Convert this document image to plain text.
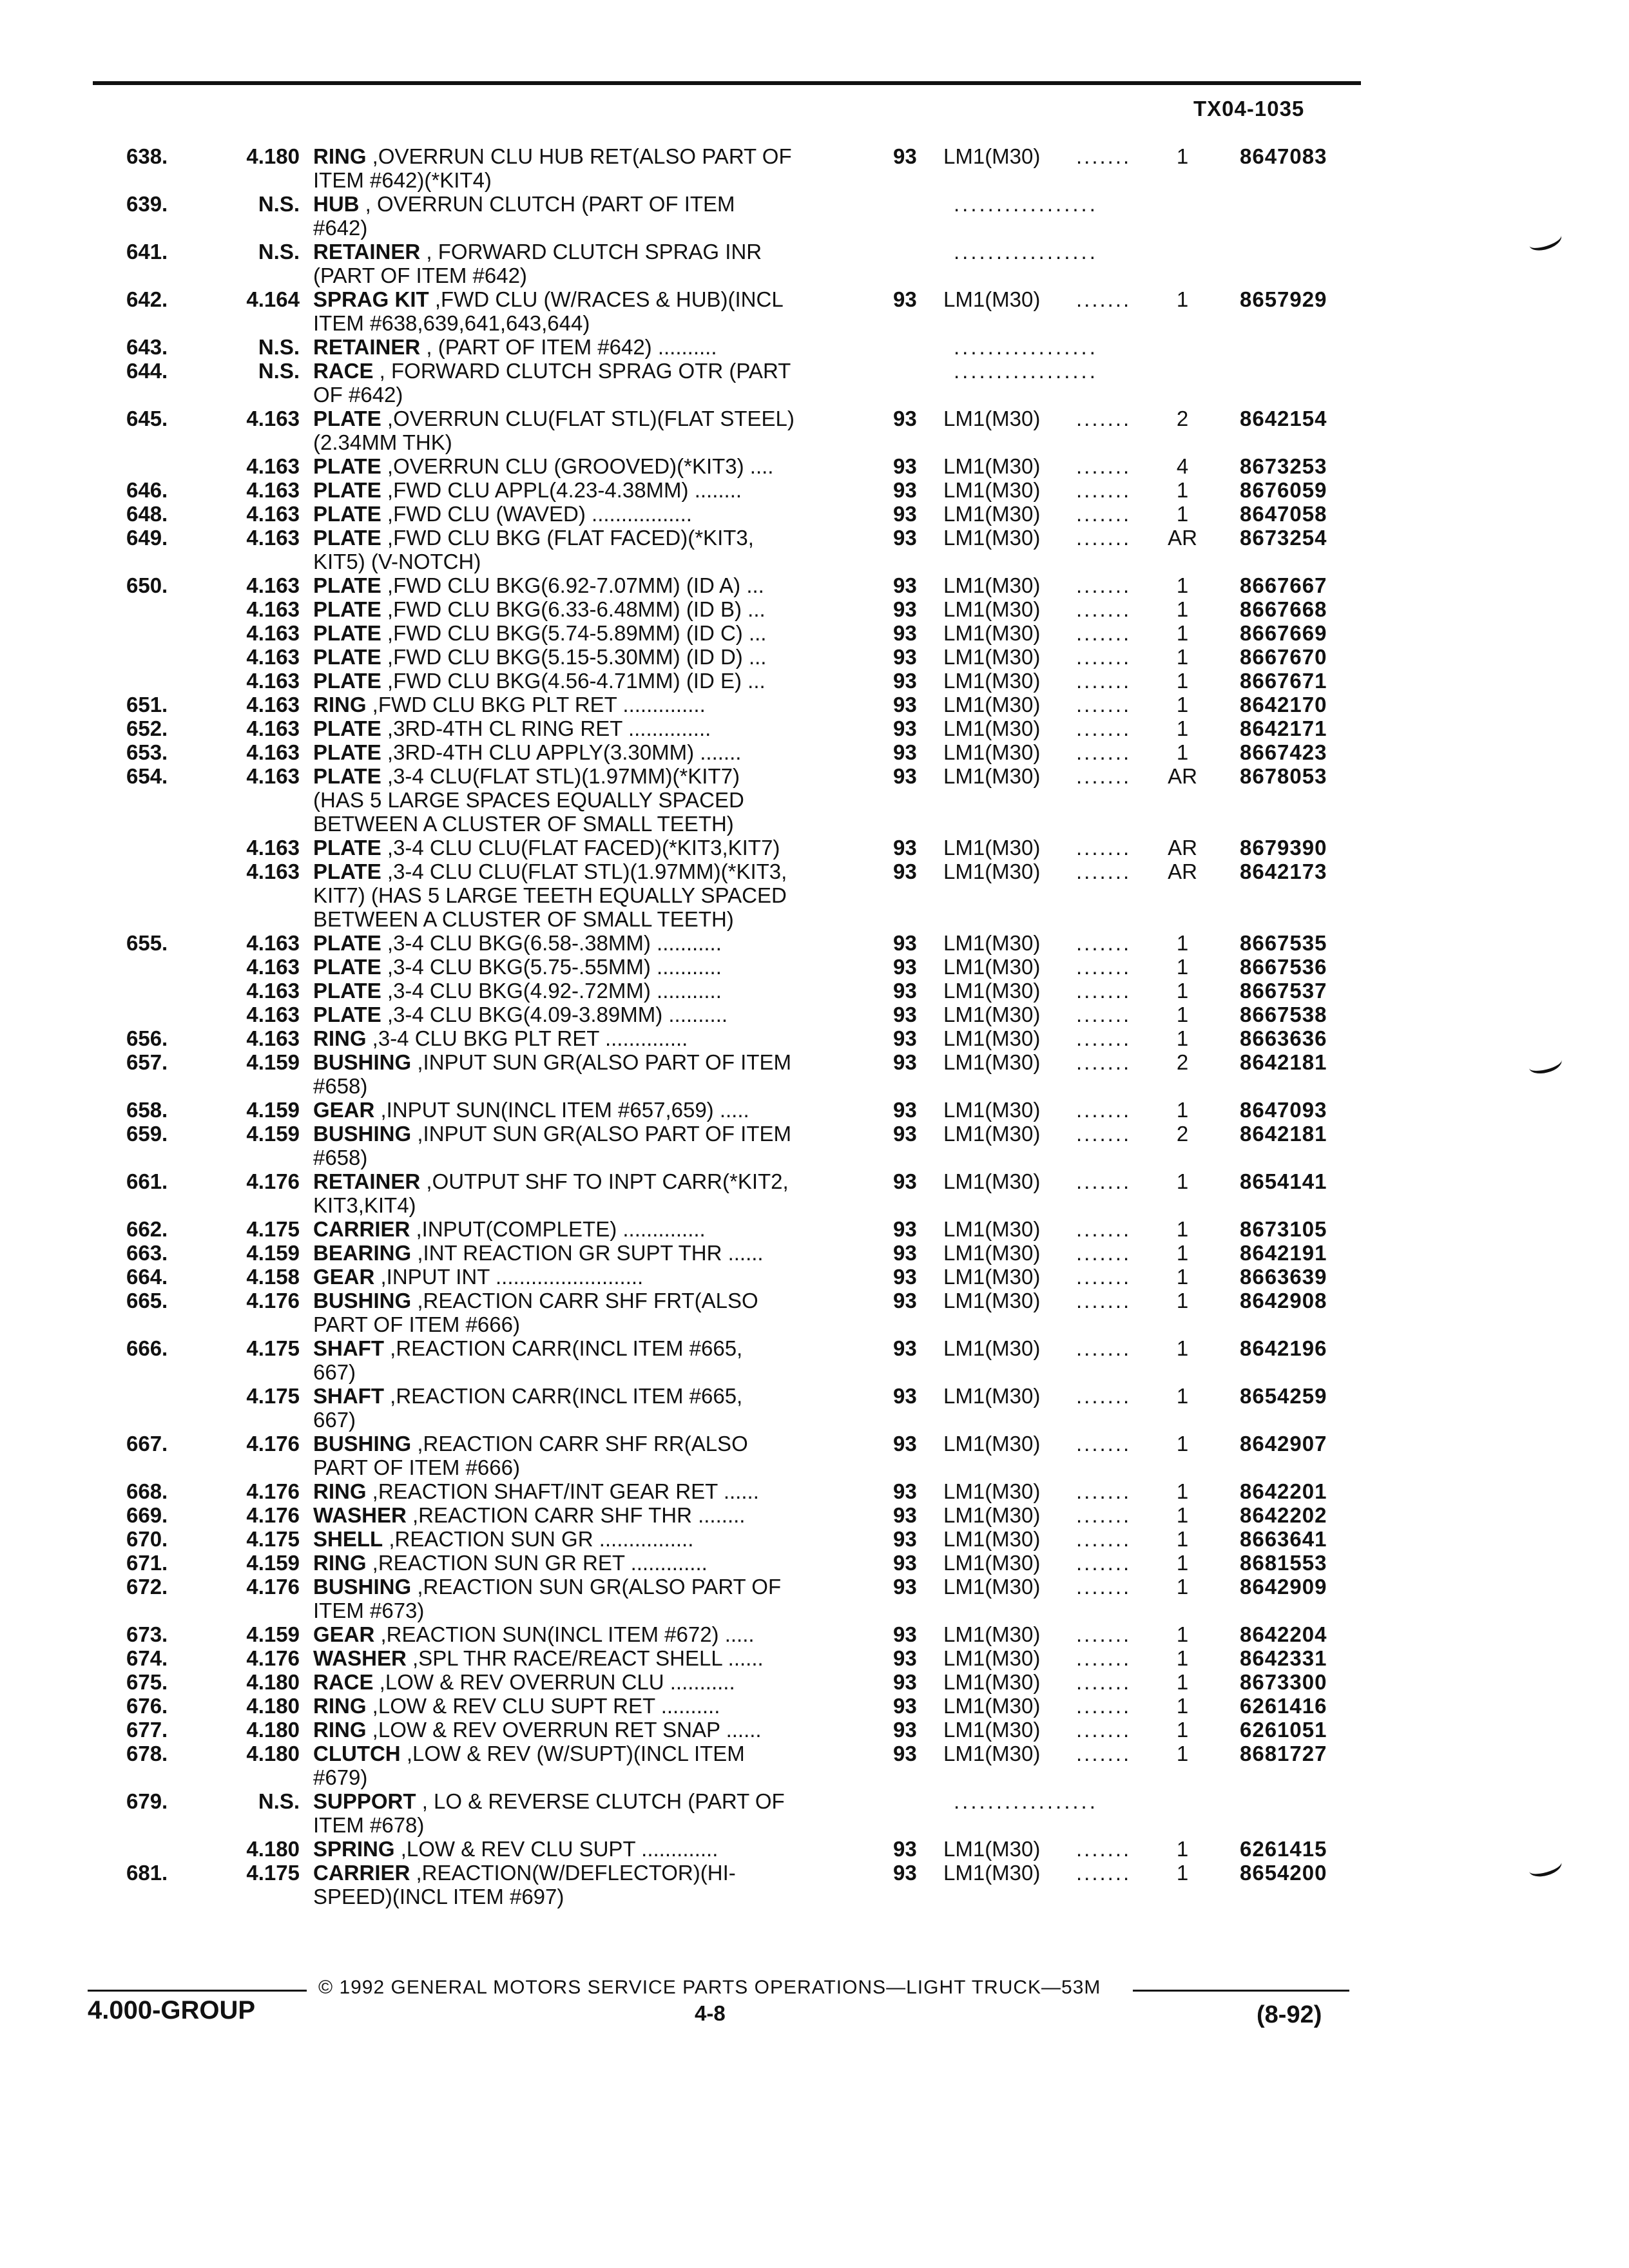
TX04-1035
638.	4.180 RING ,OVERRUN CLU HUB RET(ALSO PART OF	93 LM1(M30) .......	1	8647083
ITEM #642)(*KIT4)
639.	N.S. HUB , OVERRUN CLUTCH (PART OF ITEM	.................
#642)
641.	N.S. RETAINER , FORWARD CLUTCH SPRAG INR	.................
(PART OF ITEM #642)
642.	4.164 SPRAG KIT ,FWD CLU (W/RACES & HUB)(INCL	93 LM1(M30) .......	1	8657929
ITEM #638,639,641,643,644)
643.	N.S. RETAINER , (PART OF ITEM #642) ..........	.................
644.	N.S. RACE , FORWARD CLUTCH SPRAG OTR (PART	.................
OF #642)
645.	4.163 PLATE ,OVERRUN CLU(FLAT STL)(FLAT STEEL)	93 LM1(M30) .......	2	8642154
(2.34MM THK)
4.163 PLATE ,OVERRUN CLU (GROOVED)(*KIT3) ....	93 LM1(M30) .......	4	8673253
646.	4.163 PLATE ,FWD CLU APPL(4.23-4.38MM) ........	93 LM1(M30) .......	1	8676059
648.	4.163 PLATE ,FWD CLU (WAVED) .................	93 LM1(M30) .......	1	8647058
649.	4.163 PLATE ,FWD CLU BKG (FLAT FACED)(*KIT3,	93 LM1(M30) .......	AR	8673254
KIT5) (V-NOTCH)
650.	4.163 PLATE ,FWD CLU BKG(6.92-7.07MM) (ID A) ...	93 LM1(M30) .......	1	8667667
4.163 PLATE ,FWD CLU BKG(6.33-6.48MM) (ID B) ...	93 LM1(M30) .......	1	8667668
4.163 PLATE ,FWD CLU BKG(5.74-5.89MM) (ID C) ...	93 LM1(M30) .......	1	8667669
4.163 PLATE ,FWD CLU BKG(5.15-5.30MM) (ID D) ...	93 LM1(M30) .......	1	8667670
4.163 PLATE ,FWD CLU BKG(4.56-4.71MM) (ID E) ...	93 LM1(M30) .......	1	8667671
651.	4.163 RING ,FWD CLU BKG PLT RET ..............	93 LM1(M30) .......	1	8642170
652.	4.163 PLATE ,3RD-4TH CL RING RET ..............	93 LM1(M30) .......	1	8642171
653.	4.163 PLATE ,3RD-4TH CLU APPLY(3.30MM) .......	93 LM1(M30) .......	1	8667423
654.	4.163 PLATE ,3-4 CLU(FLAT STL)(1.97MM)(*KIT7)	93 LM1(M30) .......	AR	8678053
(HAS 5 LARGE SPACES EQUALLY SPACED
BETWEEN A CLUSTER OF SMALL TEETH)
4.163 PLATE ,3-4 CLU CLU(FLAT FACED)(*KIT3,KIT7)	93 LM1(M30) .......	AR	8679390
4.163 PLATE ,3-4 CLU CLU(FLAT STL)(1.97MM)(*KIT3,	93 LM1(M30) .......	AR	8642173
KIT7) (HAS 5 LARGE TEETH EQUALLY SPACED
BETWEEN A CLUSTER OF SMALL TEETH)
655.	4.163 PLATE ,3-4 CLU BKG(6.58-.38MM) ...........	93 LM1(M30) .......	1	8667535
4.163 PLATE ,3-4 CLU BKG(5.75-.55MM) ...........	93 LM1(M30) .......	1	8667536
4.163 PLATE ,3-4 CLU BKG(4.92-.72MM) ...........	93 LM1(M30) .......	1	8667537
4.163 PLATE ,3-4 CLU BKG(4.09-3.89MM) ..........	93 LM1(M30) .......	1	8667538
656.	4.163 RING ,3-4 CLU BKG PLT RET ..............	93 LM1(M30) .......	1	8663636
657.	4.159 BUSHING ,INPUT SUN GR(ALSO PART OF ITEM	93 LM1(M30) .......	2	8642181
#658)
658.	4.159 GEAR ,INPUT SUN(INCL ITEM #657,659) .....	93 LM1(M30) .......	1	8647093
659.	4.159 BUSHING ,INPUT SUN GR(ALSO PART OF ITEM	93 LM1(M30) .......	2	8642181
#658)
661.	4.176 RETAINER ,OUTPUT SHF TO INPT CARR(*KIT2,	93 LM1(M30) .......	1	8654141
KIT3,KIT4)
662.	4.175 CARRIER ,INPUT(COMPLETE) ..............	93 LM1(M30) .......	1	8673105
663.	4.159 BEARING ,INT REACTION GR SUPT THR ......	93 LM1(M30) .......	1	8642191
664.	4.158 GEAR ,INPUT INT .........................	93 LM1(M30) .......	1	8663639
665.	4.176 BUSHING ,REACTION CARR SHF FRT(ALSO	93 LM1(M30) .......	1	8642908
PART OF ITEM #666)
666.	4.175 SHAFT ,REACTION CARR(INCL ITEM #665,	93 LM1(M30) .......	1	8642196
667)
4.175 SHAFT ,REACTION CARR(INCL ITEM #665,	93 LM1(M30) .......	1	8654259
667)
667.	4.176 BUSHING ,REACTION CARR SHF RR(ALSO	93 LM1(M30) .......	1	8642907
PART OF ITEM #666)
668.	4.176 RING ,REACTION SHAFT/INT GEAR RET ......	93 LM1(M30) .......	1	8642201
669.	4.176 WASHER ,REACTION CARR SHF THR ........	93 LM1(M30) .......	1	8642202
670.	4.175 SHELL ,REACTION SUN GR ................	93 LM1(M30) .......	1	8663641
671.	4.159 RING ,REACTION SUN GR RET .............	93 LM1(M30) .......	1	8681553
672.	4.176 BUSHING ,REACTION SUN GR(ALSO PART OF	93 LM1(M30) .......	1	8642909
ITEM #673)
673.	4.159 GEAR ,REACTION SUN(INCL ITEM #672) .....	93 LM1(M30) .......	1	8642204
674.	4.176 WASHER ,SPL THR RACE/REACT SHELL ......	93 LM1(M30) .......	1	8642331
675.	4.180 RACE ,LOW & REV OVERRUN CLU ...........	93 LM1(M30) .......	1	8673300
676.	4.180 RING ,LOW & REV CLU SUPT RET ..........	93 LM1(M30) .......	1	6261416
677.	4.180 RING ,LOW & REV OVERRUN RET SNAP ......	93 LM1(M30) .......	1	6261051
678.	4.180 CLUTCH ,LOW & REV (W/SUPT)(INCL ITEM	93 LM1(M30) .......	1	8681727
#679)
679.	N.S. SUPPORT , LO & REVERSE CLUTCH (PART OF	.................
ITEM #678)
4.180 SPRING ,LOW & REV CLU SUPT .............	93 LM1(M30) .......	1	6261415
681.	4.175 CARRIER ,REACTION(W/DEFLECTOR)(HI-	93 LM1(M30) .......	1	8654200
SPEED)(INCL ITEM #697)
© 1992 GENERAL MOTORS SERVICE PARTS OPERATIONS—LIGHT TRUCK—53M
4.000-GROUP	4-8	(8-92)
